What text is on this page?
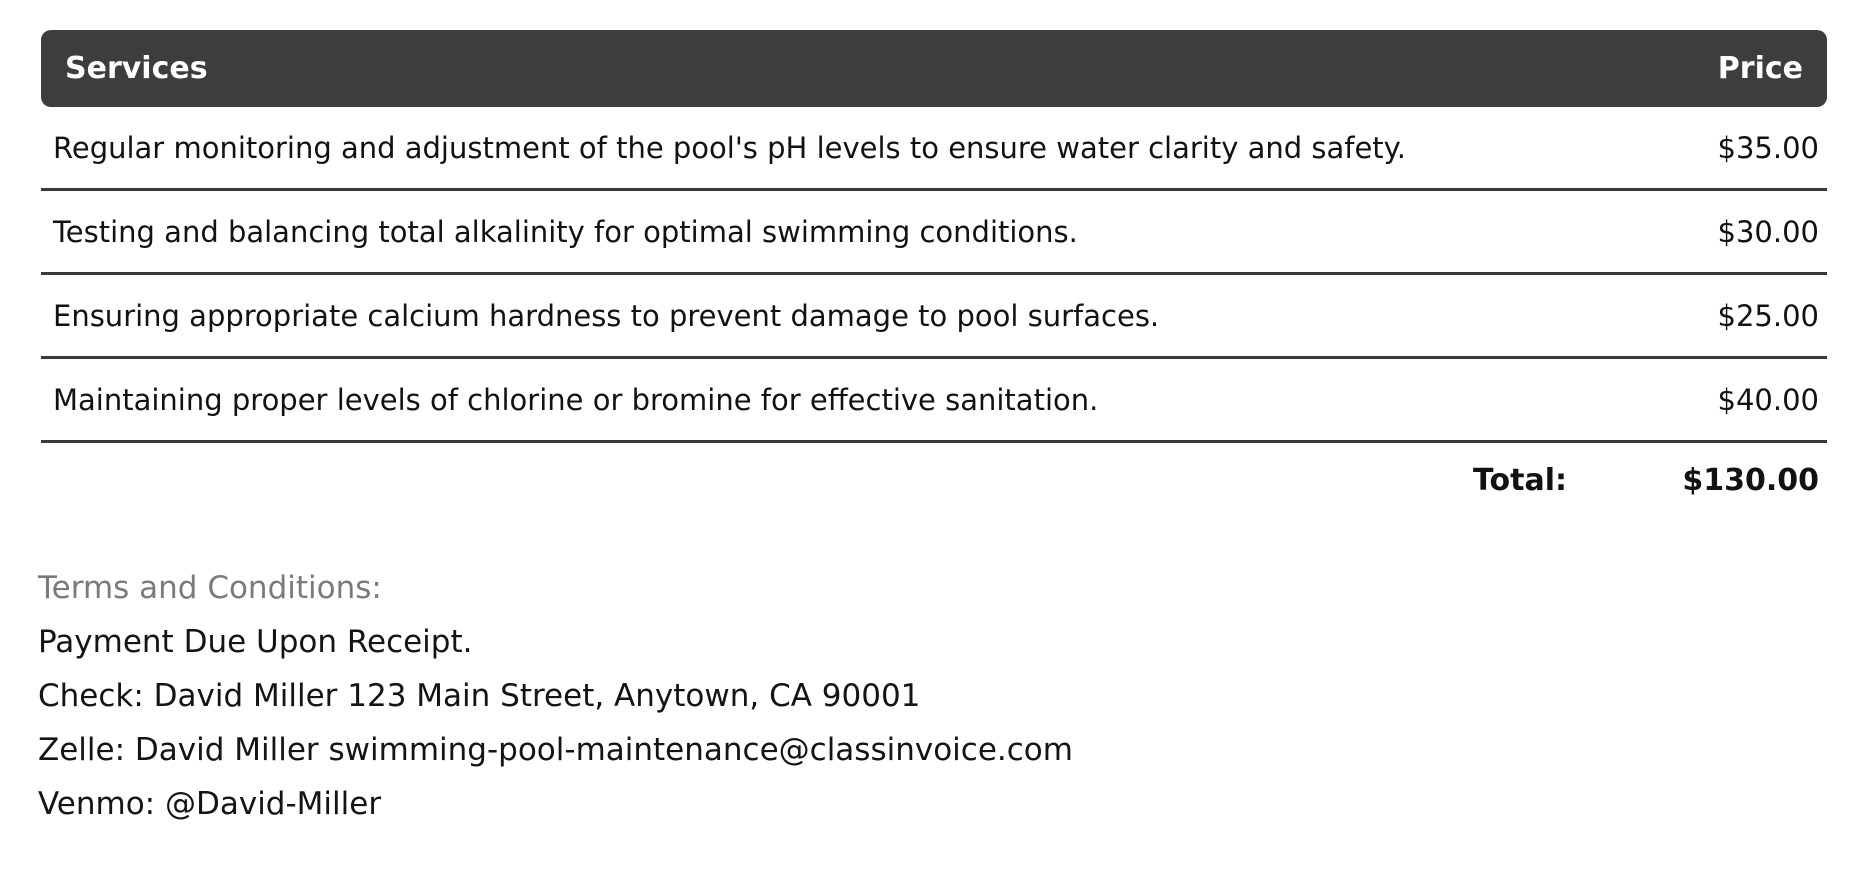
Services	Price
Regular monitoring and adjustment of the pool's pH levels to ensure water clarity and safety.	$35.00
Testing and balancing total alkalinity for optimal swimming conditions.	$30.00
Ensuring appropriate calcium hardness to prevent damage to pool surfaces.	$25.00
Maintaining proper levels of chlorine or bromine for effective sanitation.	$40.00
Total:	$130.00
Terms and Conditions:
Payment Due Upon Receipt.
Check: David Miller 123 Main Street, Anytown, CA 90001
Zelle: David Miller swimming-pool-maintenance@classinvoice.com
Venmo: @David-Miller
